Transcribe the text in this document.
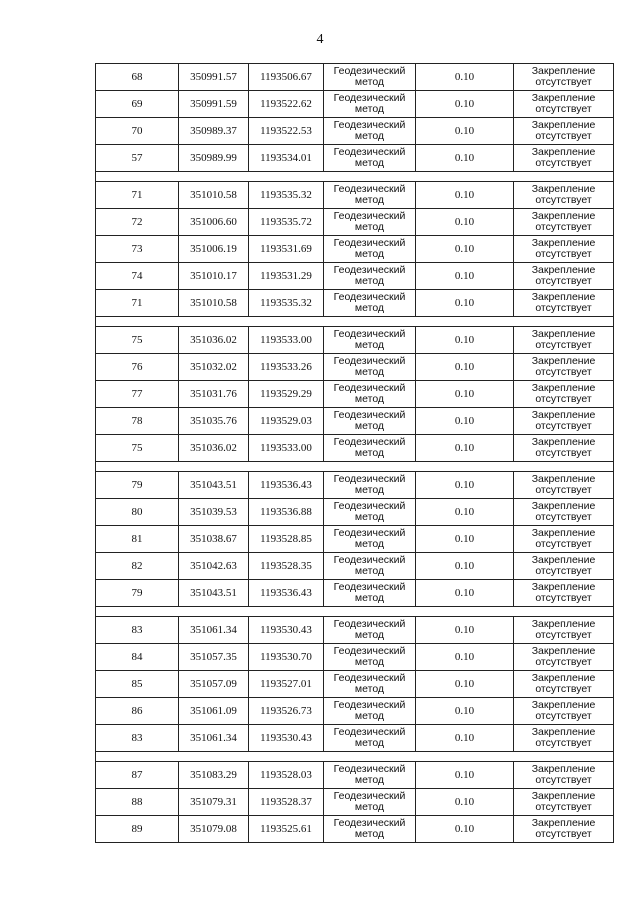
4
68	350991.57	1193506.67	Геодезический метод	0.10	Закрепление отсутствует
69	350991.59	1193522.62	Геодезический метод	0.10	Закрепление отсутствует
70	350989.37	1193522.53	Геодезический метод	0.10	Закрепление отсутствует
57	350989.99	1193534.01	Геодезический метод	0.10	Закрепление отсутствует

71	351010.58	1193535.32	Геодезический метод	0.10	Закрепление отсутствует
72	351006.60	1193535.72	Геодезический метод	0.10	Закрепление отсутствует
73	351006.19	1193531.69	Геодезический метод	0.10	Закрепление отсутствует
74	351010.17	1193531.29	Геодезический метод	0.10	Закрепление отсутствует
71	351010.58	1193535.32	Геодезический метод	0.10	Закрепление отсутствует

75	351036.02	1193533.00	Геодезический метод	0.10	Закрепление отсутствует
76	351032.02	1193533.26	Геодезический метод	0.10	Закрепление отсутствует
77	351031.76	1193529.29	Геодезический метод	0.10	Закрепление отсутствует
78	351035.76	1193529.03	Геодезический метод	0.10	Закрепление отсутствует
75	351036.02	1193533.00	Геодезический метод	0.10	Закрепление отсутствует

79	351043.51	1193536.43	Геодезический метод	0.10	Закрепление отсутствует
80	351039.53	1193536.88	Геодезический метод	0.10	Закрепление отсутствует
81	351038.67	1193528.85	Геодезический метод	0.10	Закрепление отсутствует
82	351042.63	1193528.35	Геодезический метод	0.10	Закрепление отсутствует
79	351043.51	1193536.43	Геодезический метод	0.10	Закрепление отсутствует

83	351061.34	1193530.43	Геодезический метод	0.10	Закрепление отсутствует
84	351057.35	1193530.70	Геодезический метод	0.10	Закрепление отсутствует
85	351057.09	1193527.01	Геодезический метод	0.10	Закрепление отсутствует
86	351061.09	1193526.73	Геодезический метод	0.10	Закрепление отсутствует
83	351061.34	1193530.43	Геодезический метод	0.10	Закрепление отсутствует

87	351083.29	1193528.03	Геодезический метод	0.10	Закрепление отсутствует
88	351079.31	1193528.37	Геодезический метод	0.10	Закрепление отсутствует
89	351079.08	1193525.61	Геодезический метод	0.10	Закрепление отсутствует
